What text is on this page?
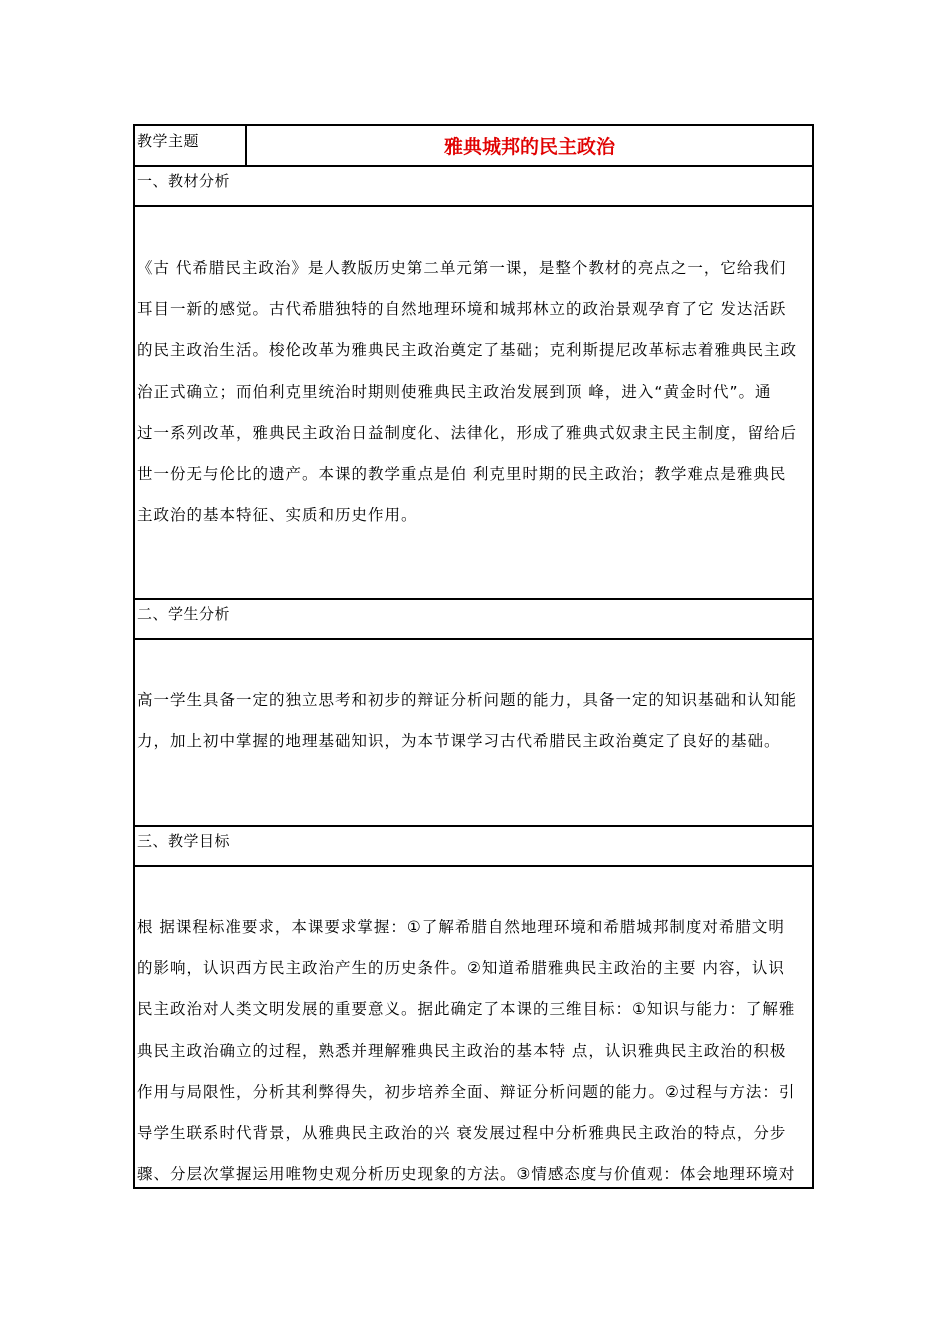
教学主题	雅典城邦的民主政治
一、教材分析
《古 代希腊民主政治》是人教版历史第二单元第一课，是整个教材的亮点之一，它给我们
耳目一新的感觉。古代希腊独特的自然地理环境和城邦林立的政治景观孕育了它 发达活跃
的民主政治生活。梭伦改革为雅典民主政治奠定了基础；克利斯提尼改革标志着雅典民主政
治正式确立；而伯利克里统治时期则使雅典民主政治发展到顶 峰，进入“黄金时代”。通
过一系列改革，雅典民主政治日益制度化、法律化，形成了雅典式奴隶主民主制度，留给后
世一份无与伦比的遗产。本课的教学重点是伯 利克里时期的民主政治；教学难点是雅典民
主政治的基本特征、实质和历史作用。
二、学生分析
高一学生具备一定的独立思考和初步的辩证分析问题的能力，具备一定的知识基础和认知能
力，加上初中掌握的地理基础知识，为本节课学习古代希腊民主政治奠定了良好的基础。
三、教学目标
根 据课程标准要求，本课要求掌握：①了解希腊自然地理环境和希腊城邦制度对希腊文明
的影响，认识西方民主政治产生的历史条件。②知道希腊雅典民主政治的主要 内容，认识
民主政治对人类文明发展的重要意义。据此确定了本课的三维目标：①知识与能力：了解雅
典民主政治确立的过程，熟悉并理解雅典民主政治的基本特 点，认识雅典民主政治的积极
作用与局限性，分析其利弊得失，初步培养全面、辩证分析问题的能力。②过程与方法：引
导学生联系时代背景，从雅典民主政治的兴 衰发展过程中分析雅典民主政治的特点，分步
骤、分层次掌握运用唯物史观分析历史现象的方法。③情感态度与价值观：体会地理环境对
